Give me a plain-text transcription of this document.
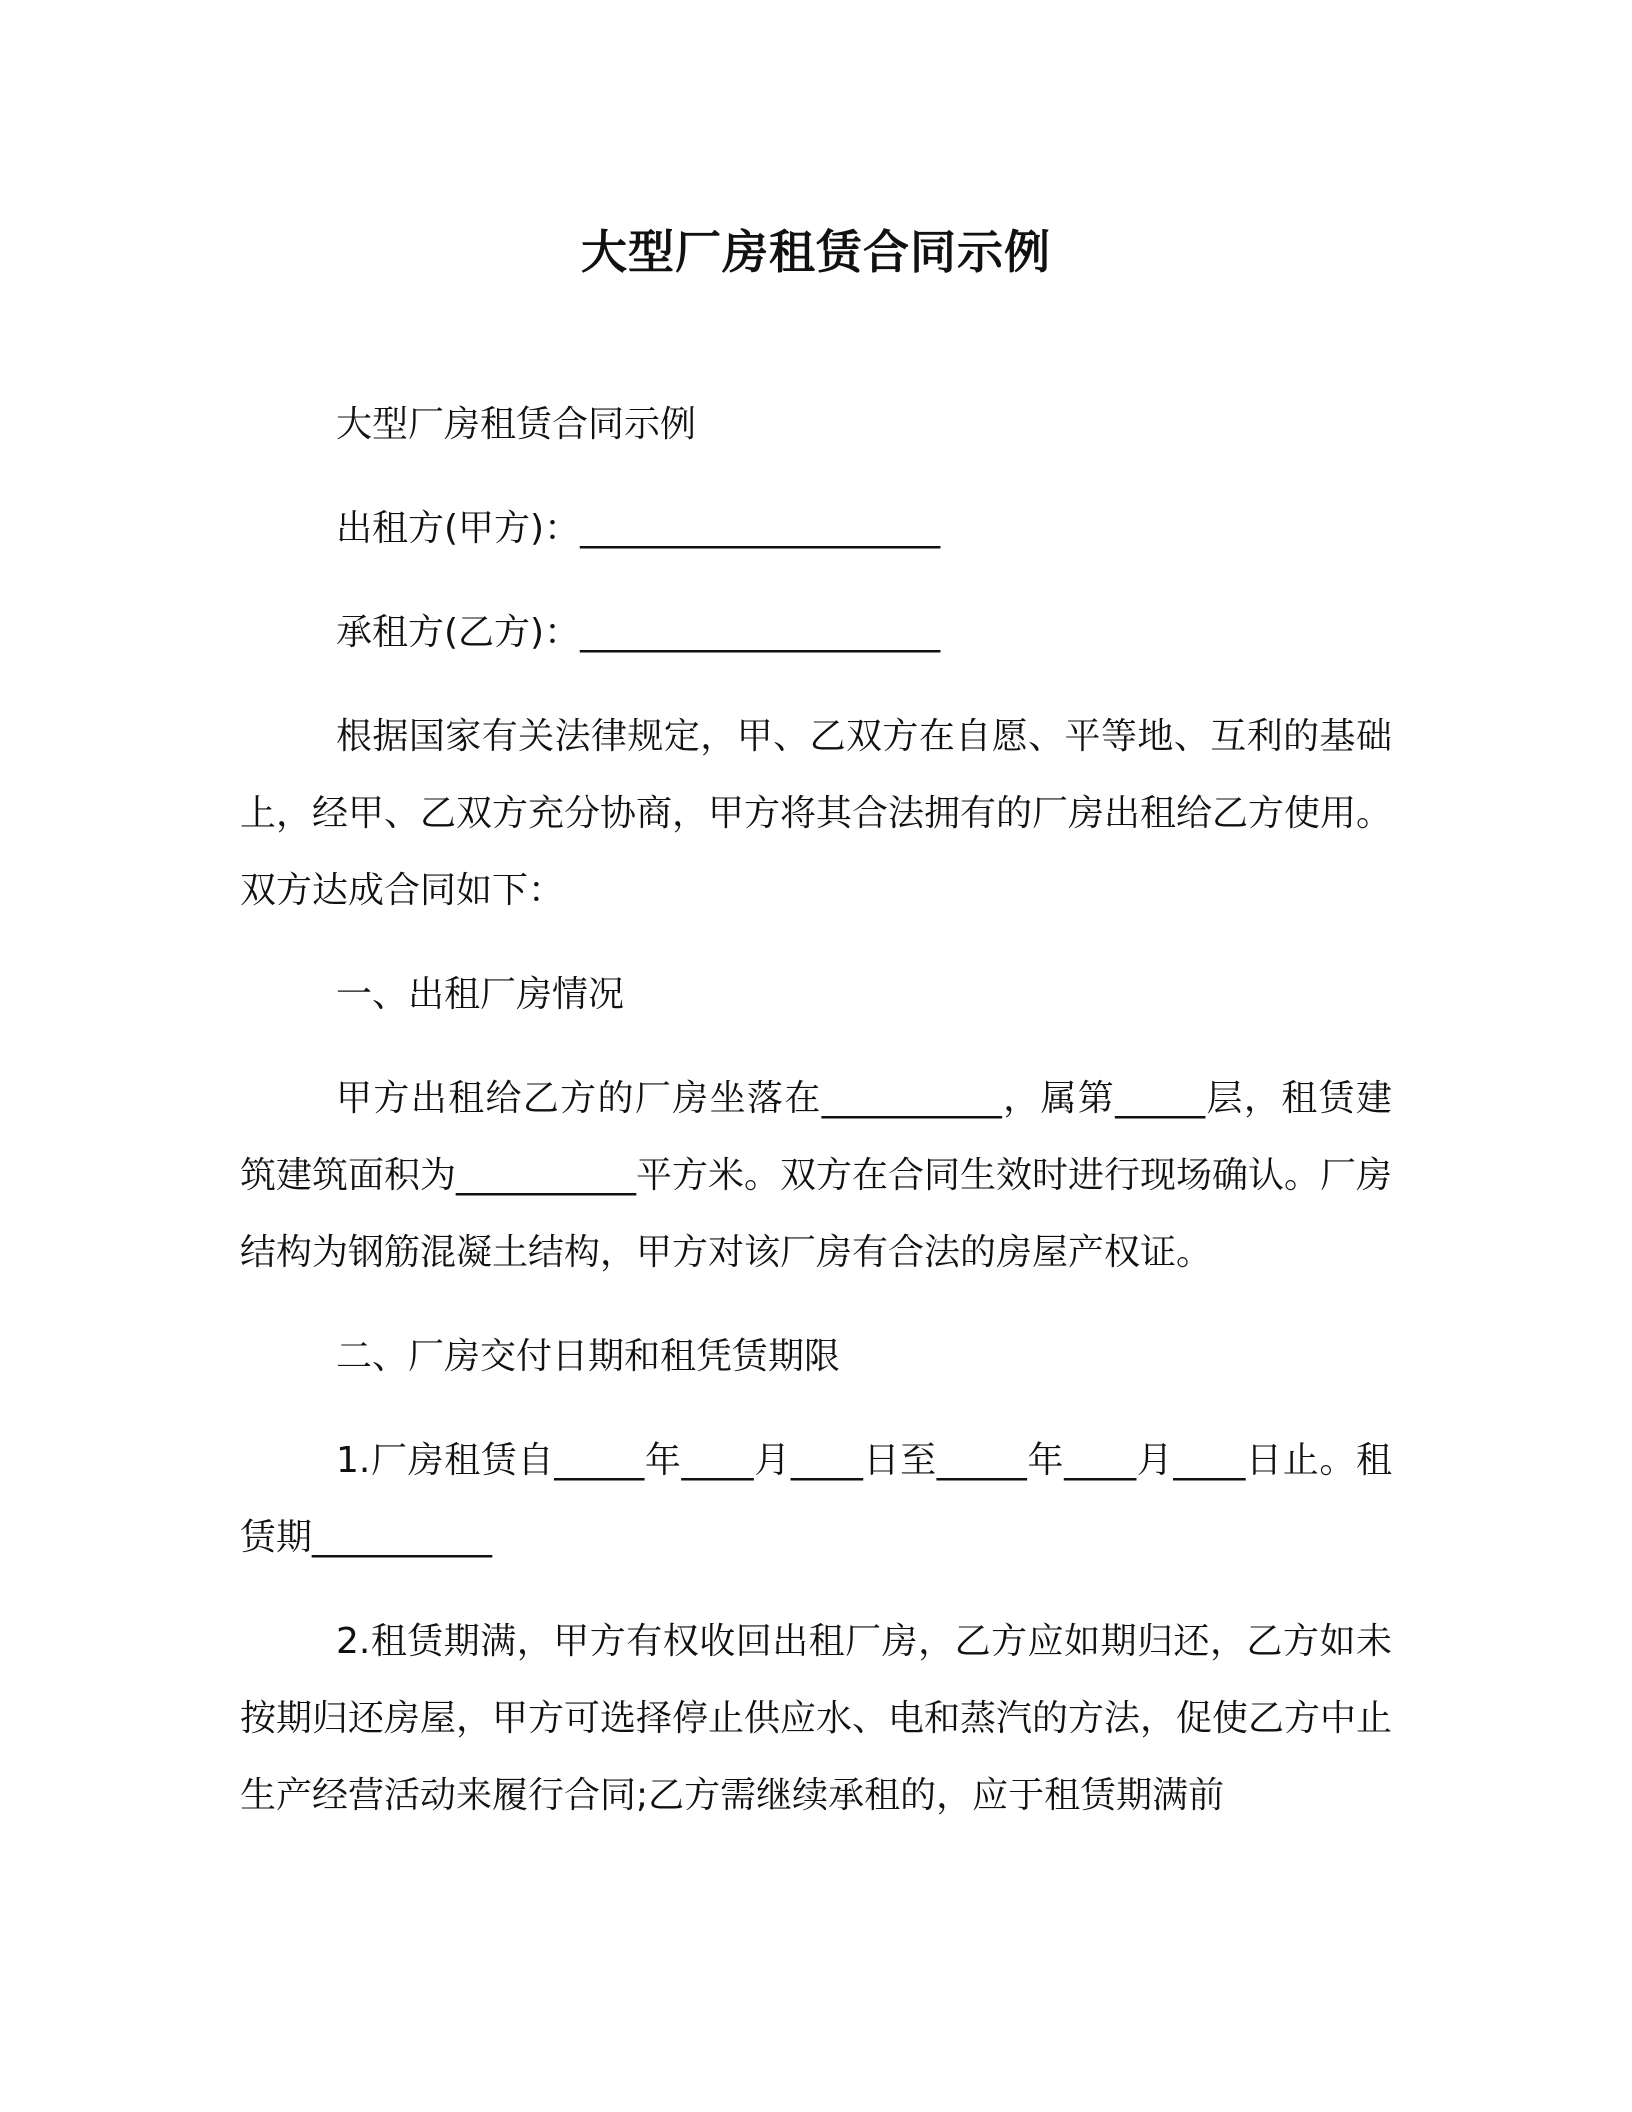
大型厂房租赁合同示例

大型厂房租赁合同示例

出租方(甲方)：____________________

承租方(乙方)：____________________

根据国家有关法律规定，甲、乙双方在自愿、平等地、互利的基础上，经甲、乙双方充分协商，甲方将其合法拥有的厂房出租给乙方使用。双方达成合同如下：

一、出租厂房情况

甲方出租给乙方的厂房坐落在__________，属第_____层，租赁建筑建筑面积为__________平方米。双方在合同生效时进行现场确认。厂房结构为钢筋混凝土结构，甲方对该厂房有合法的房屋产权证。

二、厂房交付日期和租凭赁期限

1.厂房租赁自_____年____月____日至_____年____月____日止。租赁期__________

2.租赁期满，甲方有权收回出租厂房，乙方应如期归还，乙方如未按期归还房屋，甲方可选择停止供应水、电和蒸汽的方法，促使乙方中止生产经营活动来履行合同;乙方需继续承租的，应于租赁期满前
